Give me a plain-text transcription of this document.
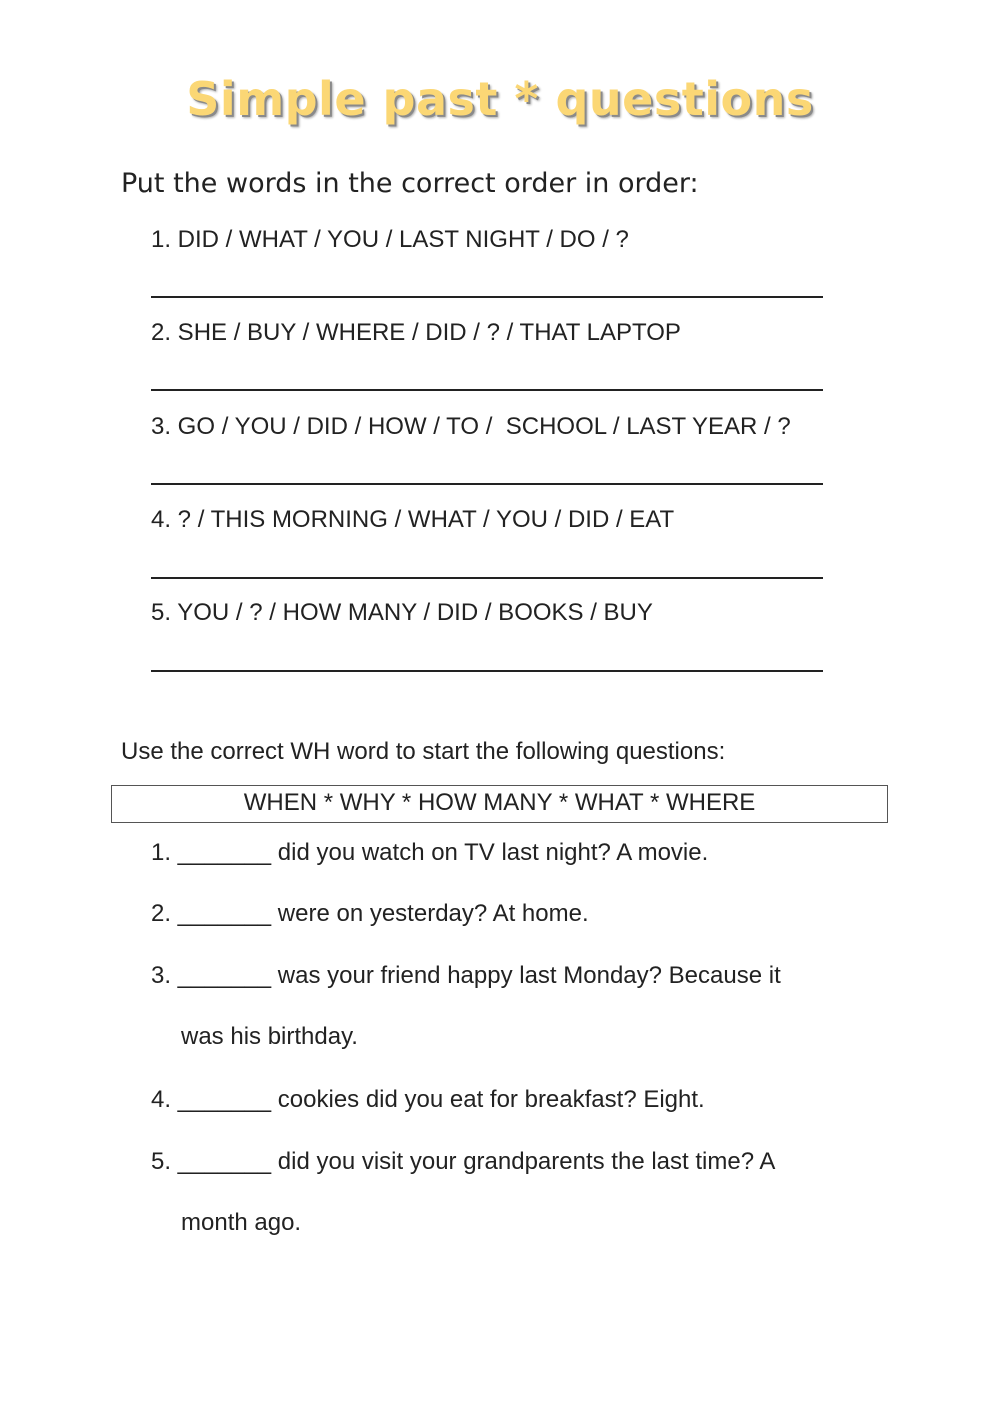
Simple past * questions
Put the words in the correct order in order:
1. DID / WHAT / YOU / LAST NIGHT / DO / ?
2. SHE / BUY / WHERE / DID / ? / THAT LAPTOP
3. GO / YOU / DID / HOW / TO /  SCHOOL / LAST YEAR / ?
4. ? / THIS MORNING / WHAT / YOU / DID / EAT
5. YOU / ? / HOW MANY / DID / BOOKS / BUY
Use the correct WH word to start the following questions:
WHEN * WHY * HOW MANY * WHAT * WHERE
1. _______ did you watch on TV last night? A movie.
2. _______ were on yesterday? At home.
3. _______ was your friend happy last Monday? Because it
was his birthday.
4. _______ cookies did you eat for breakfast? Eight.
5. _______ did you visit your grandparents the last time? A
month ago.
